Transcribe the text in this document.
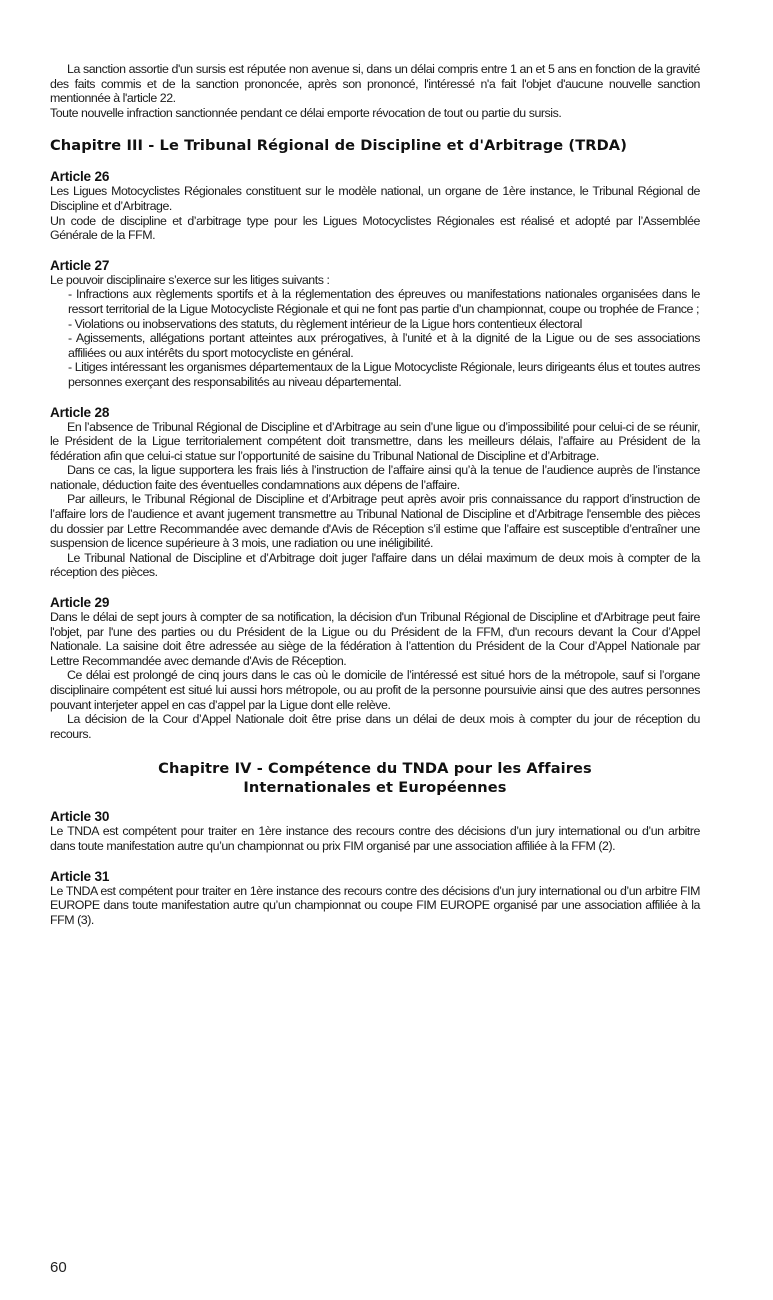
La sanction assortie d'un sursis est réputée non avenue si, dans un délai compris entre 1 an et 5 ans en fonction de la gravité des faits commis et de la sanction prononcée, après son prononcé, l'intéressé n'a fait l'objet d'aucune nouvelle sanction mentionnée à l'article 22.

Toute nouvelle infraction sanctionnée pendant ce délai emporte révocation de tout ou partie du sursis.

Chapitre III - Le Tribunal Régional de Discipline et d'Arbitrage (TRDA)
Article 26

Les Ligues Motocyclistes Régionales constituent sur le modèle national, un organe de 1ère instance, le Tribunal Régional de Discipline et d’Arbitrage.

Un code de discipline et d’arbitrage type pour les Ligues Motocyclistes Régionales est réalisé et adopté par l’Assemblée Générale de la FFM.

Article 27

Le pouvoir disciplinaire s’exerce sur les litiges suivants :

- Infractions aux règlements sportifs et à la réglementation des épreuves ou manifestations nationales organisées dans le ressort territorial de la Ligue Motocycliste Régionale et qui ne font pas partie d’un championnat, coupe ou trophée de France ;
- Violations ou inobservations des statuts, du règlement intérieur de la Ligue hors contentieux électoral
- Agissements, allégations portant atteintes aux prérogatives, à l’unité et à la dignité de la Ligue ou de ses associations affiliées ou aux intérêts du sport motocycliste en général.
- Litiges intéressant les organismes départementaux de la Ligue Motocycliste Régionale, leurs dirigeants élus et toutes autres personnes exerçant des responsabilités au niveau départemental.
Article 28

En l’absence de Tribunal Régional de Discipline et d’Arbitrage au sein d’une ligue ou d’impossibilité pour celui-ci de se réunir, le Président de la Ligue territorialement compétent doit transmettre, dans les meilleurs délais, l’affaire au Président de la fédération afin que celui-ci statue sur l’opportunité de saisine du Tribunal National de Discipline et d’Arbitrage.

Dans ce cas, la ligue supportera les frais liés à l’instruction de l’affaire ainsi qu’à la tenue de l’audience auprès de l’instance nationale, déduction faite des éventuelles condamnations aux dépens de l’affaire.

Par ailleurs, le Tribunal Régional de Discipline et d’Arbitrage peut après avoir pris connaissance du rapport d’instruction de l’affaire lors de l’audience et avant jugement transmettre au Tribunal National de Discipline et d’Arbitrage l'ensemble des pièces du dossier par Lettre Recommandée avec demande d'Avis de Réception s’il estime que l’affaire est susceptible d’entraîner une suspension de licence supérieure à 3 mois, une radiation ou une inéligibilité.

Le Tribunal National de Discipline et d’Arbitrage doit juger l'affaire dans un délai maximum de deux mois à compter de la réception des pièces.

Article 29

Dans le délai de sept jours à compter de sa notification, la décision d'un Tribunal Régional de Discipline et d'Arbitrage peut faire l'objet, par l'une des parties ou du Président de la Ligue ou du Président de la FFM, d'un recours devant la Cour d’Appel Nationale. La saisine doit être adressée au siège de la fédération à l’attention du Président de la Cour d’Appel Nationale par Lettre Recommandée avec demande d'Avis de Réception.

Ce délai est prolongé de cinq jours dans le cas où le domicile de l’intéressé est situé hors de la métropole, sauf si l’organe disciplinaire compétent est situé lui aussi hors métropole, ou au profit de la personne poursuivie ainsi que des autres personnes pouvant interjeter appel en cas d’appel par la Ligue dont elle relève.

La décision de la Cour d’Appel Nationale doit être prise dans un délai de deux mois à compter du jour de réception du recours.

Chapitre IV - Compétence du TNDA pour les Affaires
Internationales et Européennes
Article 30

Le TNDA est compétent pour traiter en 1ère instance des recours contre des décisions d’un jury international ou d’un arbitre dans toute manifestation autre qu’un championnat ou prix FIM organisé par une association affiliée à la FFM (2).

Article 31

Le TNDA est compétent pour traiter en 1ère instance des recours contre des décisions d’un jury international ou d’un arbitre FIM EUROPE dans toute manifestation autre qu’un championnat ou coupe FIM EUROPE organisé par une association affiliée à la FFM (3).

60
